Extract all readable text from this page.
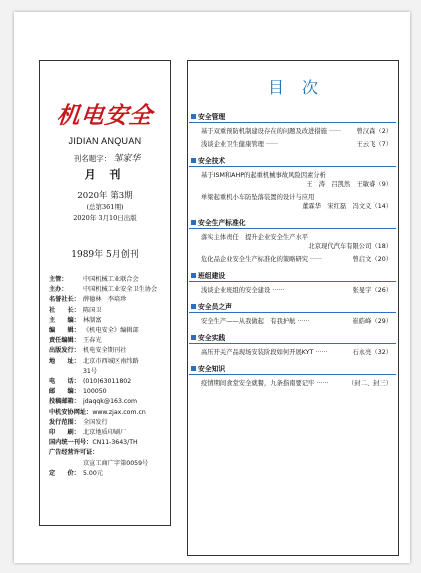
机电安全
JIDIAN ANQUAN
刊名题字： 邹家华
月 刊
2020年 第3期
(总第361期)
2020年 3月10日出版
1989年 5月创刊
主管： 中国机械工业联合会
主办： 中国机械工业安全卫生协会
名誉社长： 薛德林　李培珍
社　　长： 陈国卫
主　　编： 林制富
编　　辑： 《机电安全》编辑部
责任编辑： 王春光
出版发行： 机电安全期刊社
地　　址： 北京市西城区南纬路
31号
电　　话： (010)63011802
邮　　编： 100050
投稿邮箱： jdaqqk@163.com
中机安协网址：www.zjax.com.cn
发行范围： 全国发行
印　　刷： 北京地质印刷厂
国内统一刊号：CN11-3643/TH
广告经营许可证：
京宣工商广字第0059号
定　　价： 5.00元
目次
安全管理
基于双重预防机制建设存在的问题及改进措施 ······	曾汉森（2）
浅谈企业卫生健康管理 ······	王云飞（7）
安全技术
基于ISM和AHP的起重机械事故风险因素分析
王　涛　吕凯然　王敏睿（9）
单梁起重机小车防坠落装置的设计与应用
董霖华　宋红磊　冯文义（14）
安全生产标准化
落实主体责任　提升企业安全生产水平
北京现代汽车有限公司（18）
危化品企业安全生产标准化的策略研究 ······	曾启文（20）
班组建设
浅谈企业班组的安全建设 ······	张旻宇（26）
安全员之声
安全生产——从我做起　有我护航 ······	崔皓峰（29）
安全实践
高压开关产品现场安装阶段如何开展KYT ······	石永亮（32）
安全知识
疫情期间食堂安全就餐，九条指南要记牢 ······	（封二、封三）
